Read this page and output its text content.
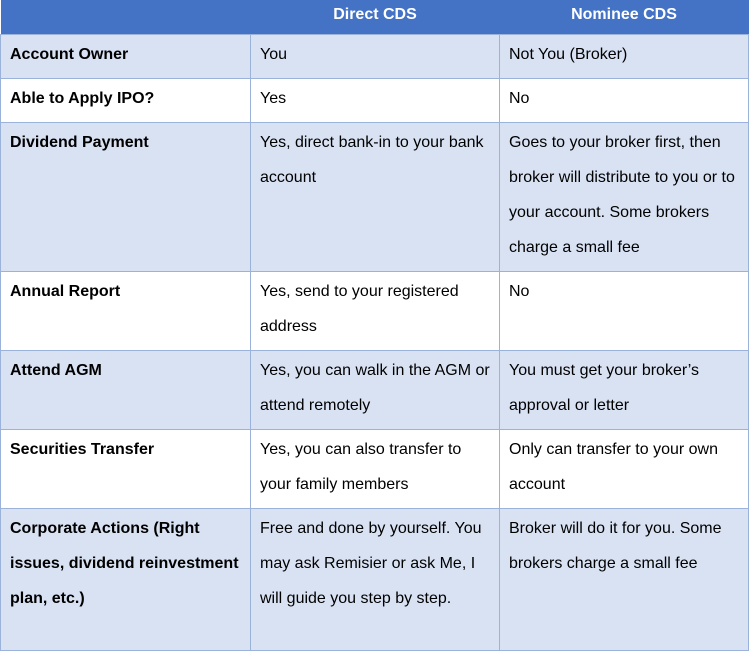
	Direct CDS	Nominee CDS
Account Owner	You	Not You (Broker)
Able to Apply IPO?	Yes	No
Dividend Payment	Yes, direct bank-in to your bank account	Goes to your broker first, then broker will distribute to you or to your account. Some brokers charge a small fee
Annual Report	Yes, send to your registered address	No
Attend AGM	Yes, you can walk in the AGM or attend remotely	You must get your broker’s approval or letter
Securities Transfer	Yes, you can also transfer to your family members	Only can transfer to your own account
Corporate Actions (Right issues, dividend reinvestment plan, etc.)	Free and done by yourself. You may ask Remisier or ask Me, I will guide you step by step.	Broker will do it for you. Some brokers charge a small fee
